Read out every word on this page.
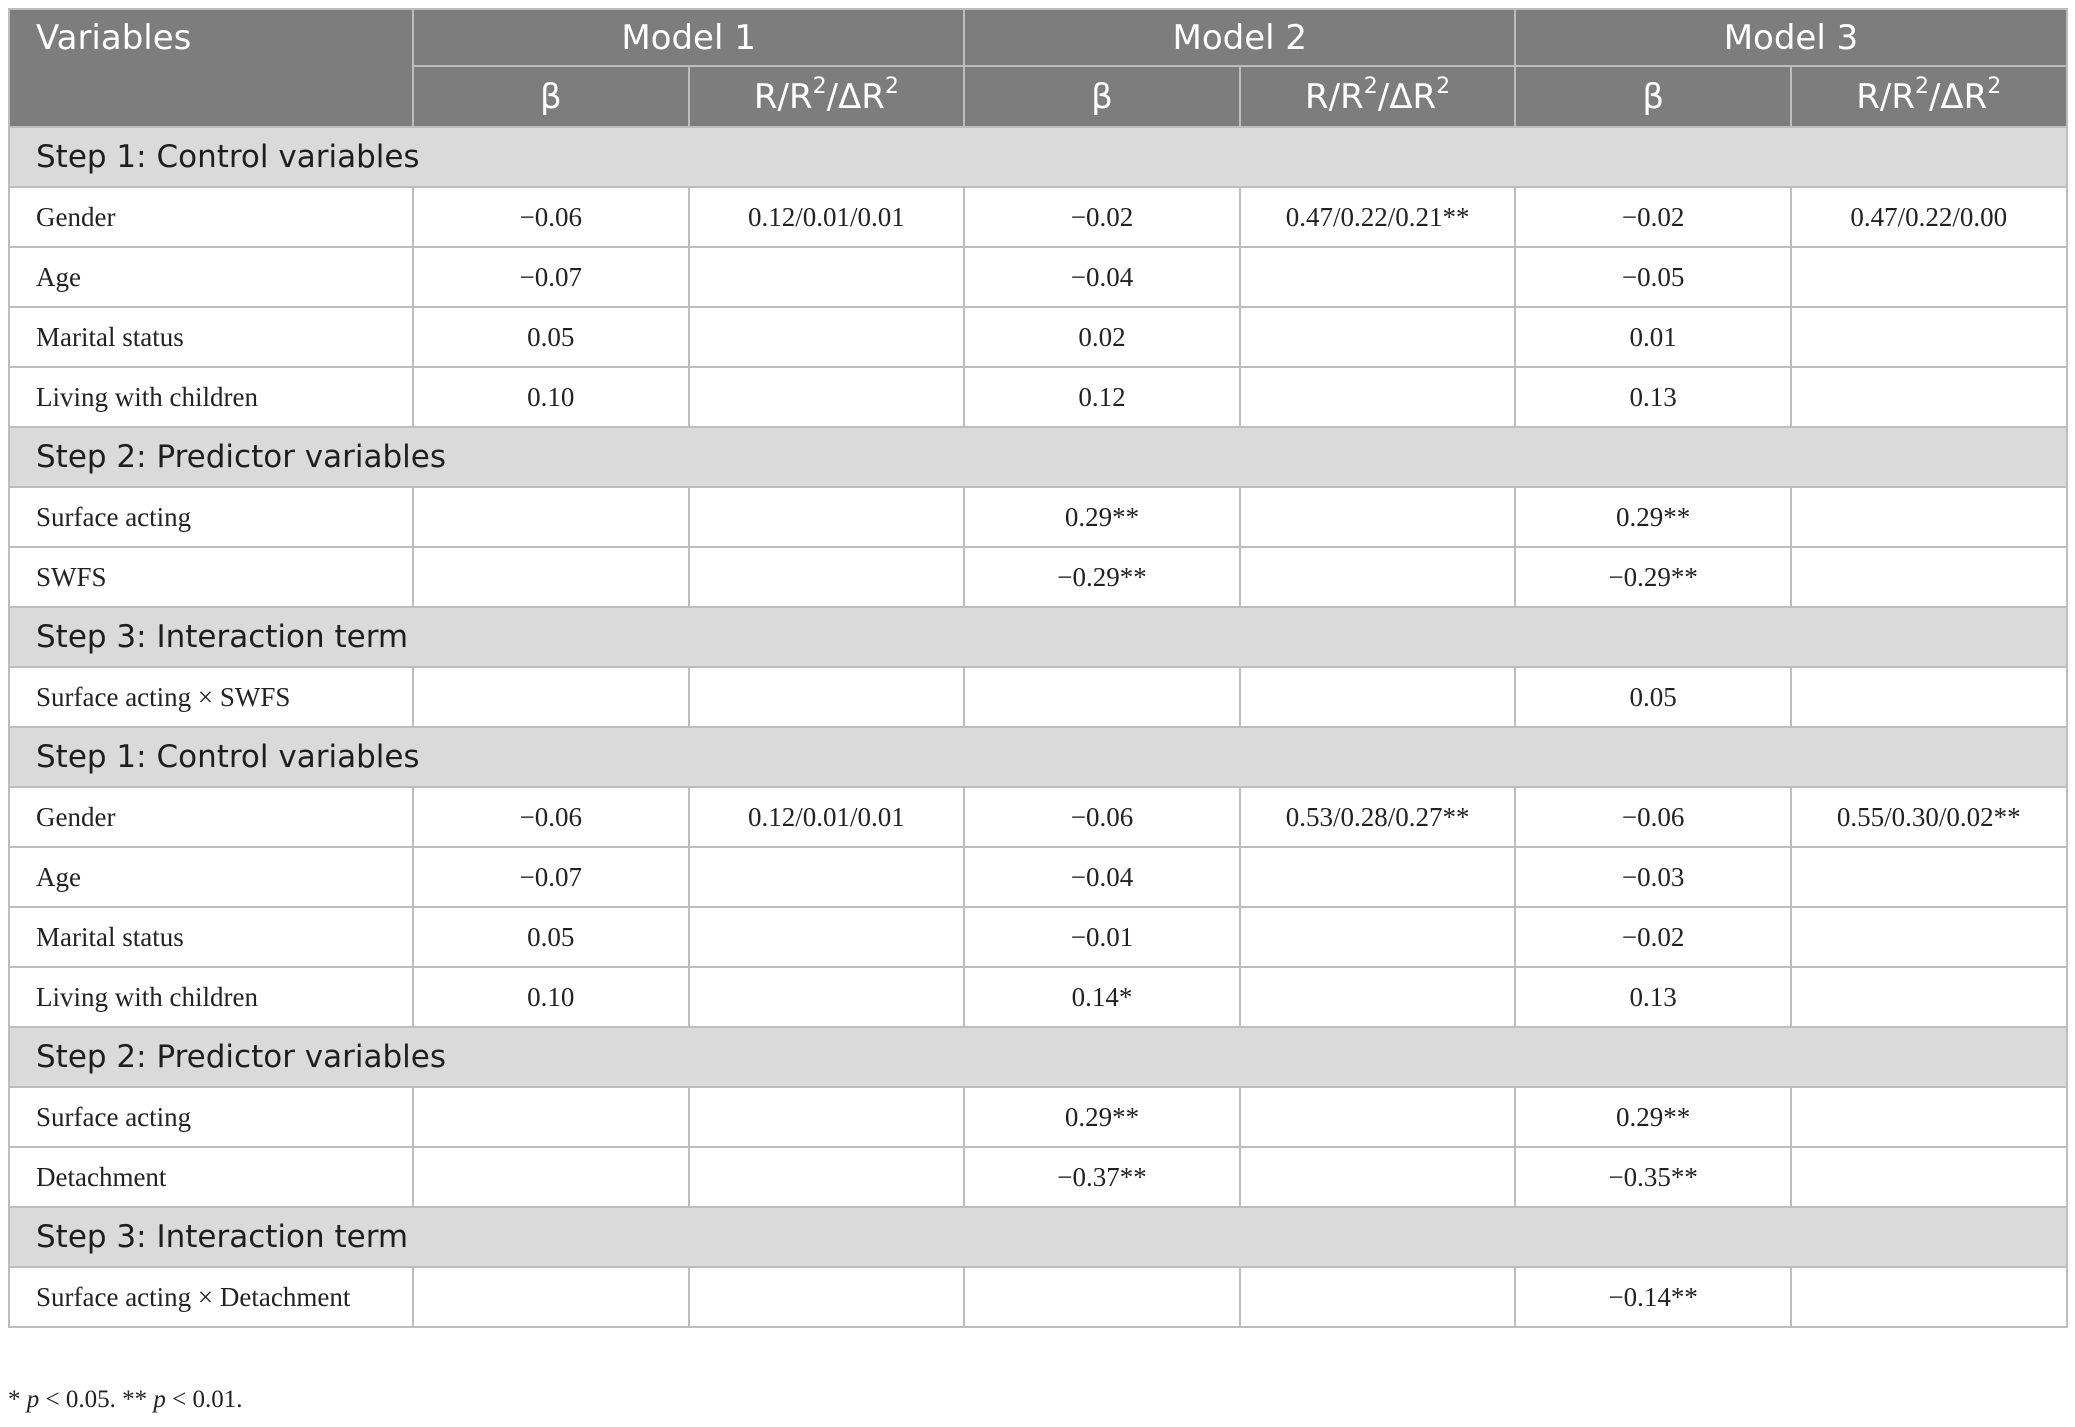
Variables	Model 1		Model 2		Model 3	
	β	$R/R^2/\Delta R^2$	β	$R/R^2/\Delta R^2$	β	$R/R^2/\Delta R^2$
Step 1: Control variables						
Gender	−0.06	0.12/0.01/0.01	−0.02	0.47/0.22/0.21**	−0.02	0.47/0.22/0.00
Age	−0.07		−0.04		−0.05	
Marital status	0.05		0.02		0.01	
Living with children	0.10		0.12		0.13	
Step 2: Predictor variables						
Surface acting			0.29**		0.29**	
SWFS			−0.29**		−0.29**	
Step 3: Interaction term						
Surface acting × SWFS					0.05	
Step 1: Control variables						
Gender	−0.06	0.12/0.01/0.01	−0.06	0.53/0.28/0.27**	−0.06	0.55/0.30/0.02**
Age	−0.07		−0.04		−0.03	
Marital status	0.05		−0.01		−0.02	
Living with children	0.10		0.14*		0.13	
Step 2: Predictor variables						
Surface acting			0.29**		0.29**	
Detachment			−0.37**		−0.35**	
Step 3: Interaction term						
Surface acting × Detachment					−0.14**	
* p < 0.05. ** p < 0.01.
